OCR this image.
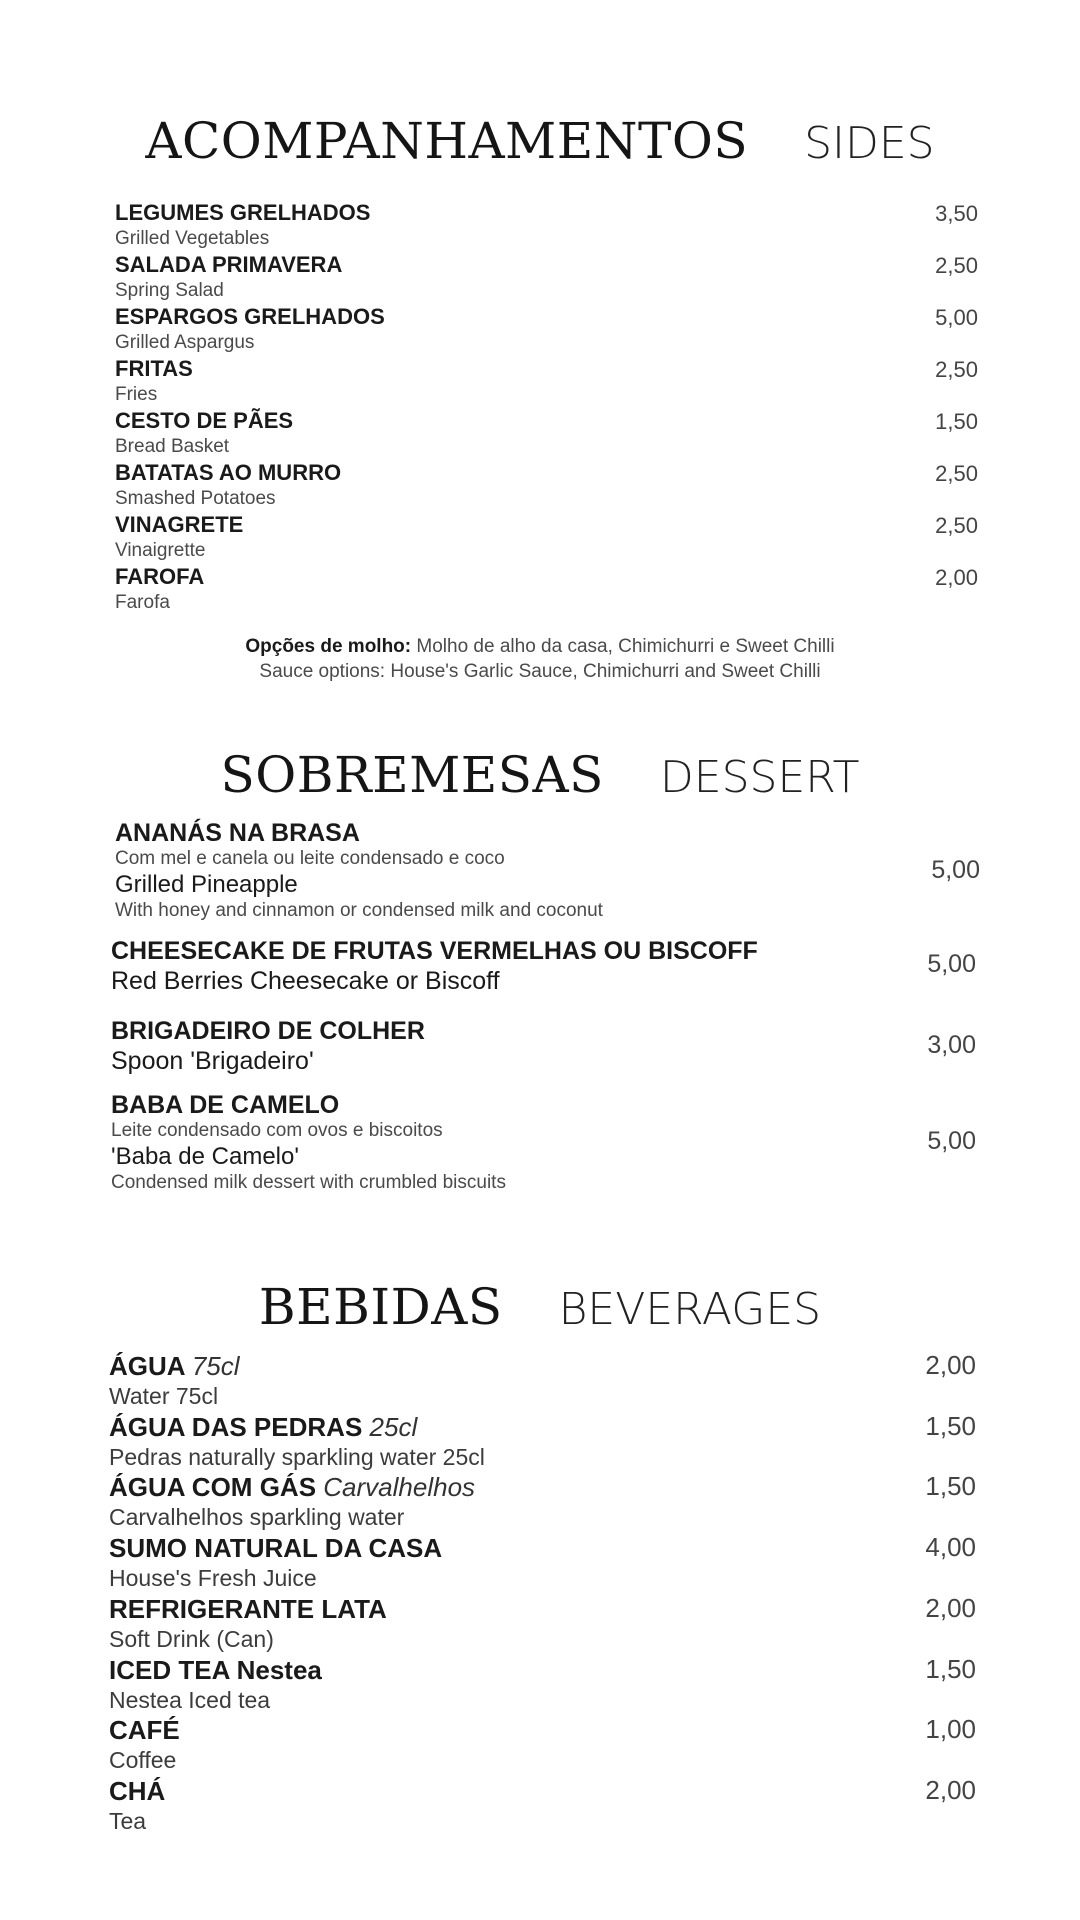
ACOMPANHAMENTOS SIDES
LEGUMES GRELHADOS
Grilled Vegetables
3,50
SALADA PRIMAVERA
Spring Salad
2,50
ESPARGOS GRELHADOS
Grilled Aspargus
5,00
FRITAS
Fries
2,50
CESTO DE PÃES
Bread Basket
1,50
BATATAS AO MURRO
Smashed Potatoes
2,50
VINAGRETE
Vinaigrette
2,50
FAROFA
Farofa
2,00
Opções de molho: Molho de alho da casa, Chimichurri e Sweet Chilli
Sauce options: House's Garlic Sauce, Chimichurri and Sweet Chilli
SOBREMESAS DESSERT
ANANÁS NA BRASA
Com mel e canela ou leite condensado e coco
Grilled Pineapple
With honey and cinnamon or condensed milk and coconut
5,00
CHEESECAKE DE FRUTAS VERMELHAS OU BISCOFF
Red Berries Cheesecake or Biscoff
5,00
BRIGADEIRO DE COLHER
Spoon 'Brigadeiro'
3,00
BABA DE CAMELO
Leite condensado com ovos e biscoitos
'Baba de Camelo'
Condensed milk dessert with crumbled biscuits
5,00
BEBIDAS BEVERAGES
ÁGUA 75cl
Water 75cl
2,00
ÁGUA DAS PEDRAS 25cl
Pedras naturally sparkling water 25cl
1,50
ÁGUA COM GÁS Carvalhelhos
Carvalhelhos sparkling water
1,50
SUMO NATURAL DA CASA
House's Fresh Juice
4,00
REFRIGERANTE LATA
Soft Drink (Can)
2,00
ICED TEA Nestea
Nestea Iced tea
1,50
CAFÉ
Coffee
1,00
CHÁ
Tea
2,00
